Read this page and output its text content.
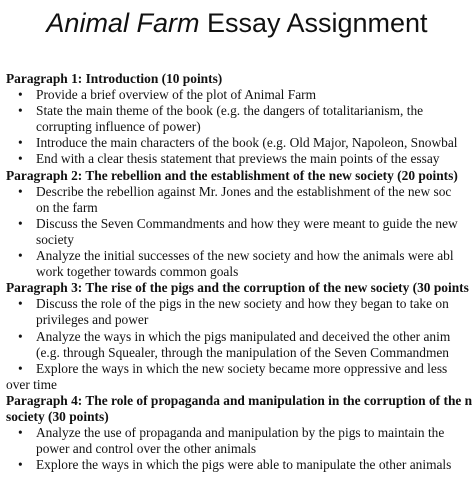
Animal Farm Essay Assignment
Paragraph 1: Introduction (10 points)
• Provide a brief overview of the plot of Animal Farm
• State the main theme of the book (e.g. the dangers of totalitarianism, the
corrupting influence of power)
• Introduce the main characters of the book (e.g. Old Major, Napoleon, Snowbal
• End with a clear thesis statement that previews the main points of the essay
Paragraph 2: The rebellion and the establishment of the new society (20 points)
• Describe the rebellion against Mr. Jones and the establishment of the new soc
on the farm
• Discuss the Seven Commandments and how they were meant to guide the new
society
• Analyze the initial successes of the new society and how the animals were abl
work together towards common goals
Paragraph 3: The rise of the pigs and the corruption of the new society (30 points
• Discuss the role of the pigs in the new society and how they began to take on
privileges and power
• Analyze the ways in which the pigs manipulated and deceived the other anim
(e.g. through Squealer, through the manipulation of the Seven Commandmen
• Explore the ways in which the new society became more oppressive and less
over time
Paragraph 4: The role of propaganda and manipulation in the corruption of the n
society (30 points)
• Analyze the use of propaganda and manipulation by the pigs to maintain the
power and control over the other animals
• Explore the ways in which the pigs were able to manipulate the other animals
